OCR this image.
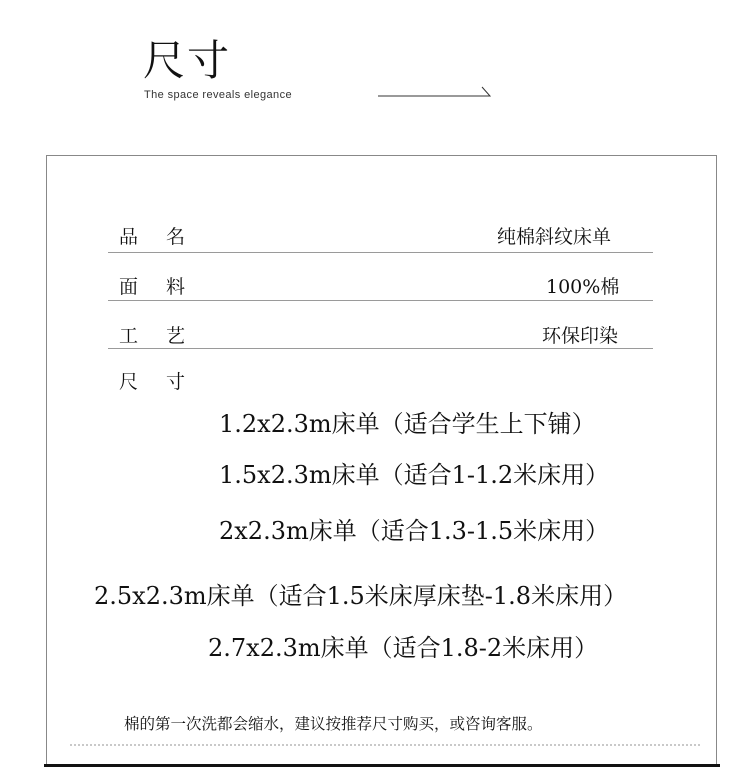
尺寸
The space reveals elegance
品名	纯棉斜纹床单
面料	100%棉
工艺	环保印染
尺寸
1.2x2.3m床单（适合学生上下铺）
1.5x2.3m床单（适合1-1.2米床用）
2x2.3m床单（适合1.3-1.5米床用）
2.5x2.3m床单（适合1.5米床厚床垫-1.8米床用）
2.7x2.3m床单（适合1.8-2米床用）
棉的第一次洗都会缩水，建议按推荐尺寸购买，或咨询客服。
